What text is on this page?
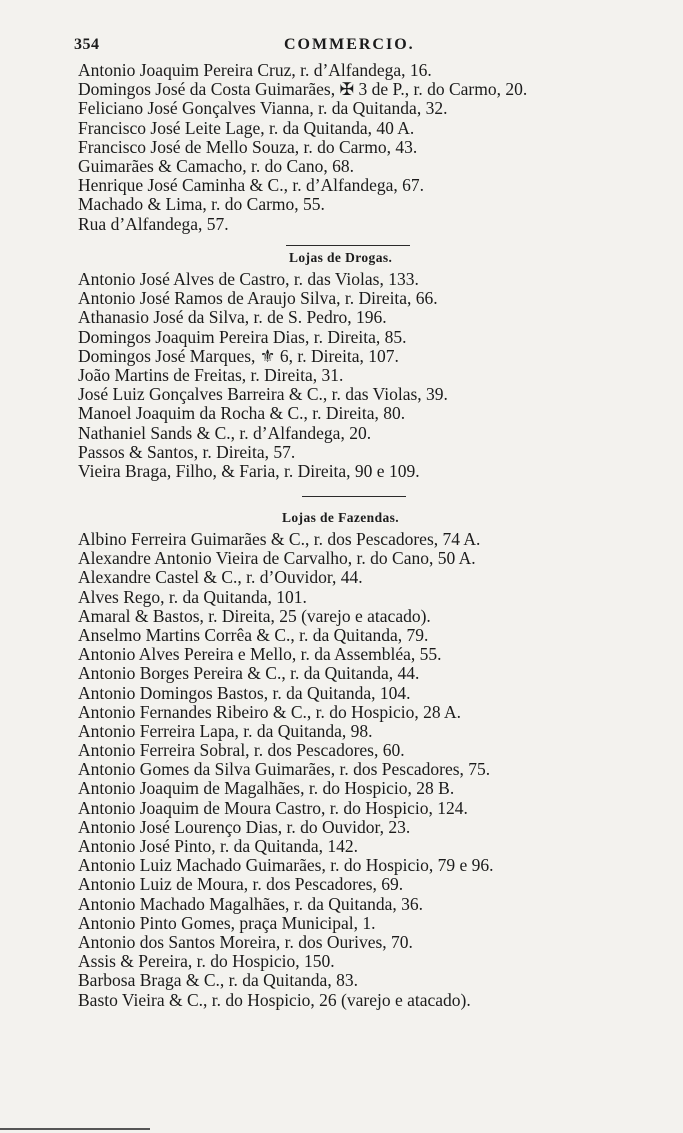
354	COMMERCIO.
Antonio Joaquim Pereira Cruz, r. d’Alfandega, 16.
Domingos José da Costa Guimarães, ✠ 3 de P., r. do Carmo, 20.
Feliciano José Gonçalves Vianna, r. da Quitanda, 32.
Francisco José Leite Lage, r. da Quitanda, 40 A.
Francisco José de Mello Souza, r. do Carmo, 43.
Guimarães & Camacho, r. do Cano, 68.
Henrique José Caminha & C., r. d’Alfandega, 67.
Machado & Lima, r. do Carmo, 55.
Rua d’Alfandega, 57.
Lojas de Drogas.
Antonio José Alves de Castro, r. das Violas, 133.
Antonio José Ramos de Araujo Silva, r. Direita, 66.
Athanasio José da Silva, r. de S. Pedro, 196.
Domingos Joaquim Pereira Dias, r. Direita, 85.
Domingos José Marques, ⚜ 6, r. Direita, 107.
João Martins de Freitas, r. Direita, 31.
José Luiz Gonçalves Barreira & C., r. das Violas, 39.
Manoel Joaquim da Rocha & C., r. Direita, 80.
Nathaniel Sands & C., r. d’Alfandega, 20.
Passos & Santos, r. Direita, 57.
Vieira Braga, Filho, & Faria, r. Direita, 90 e 109.
Lojas de Fazendas.
Albino Ferreira Guimarães & C., r. dos Pescadores, 74 A.
Alexandre Antonio Vieira de Carvalho, r. do Cano, 50 A.
Alexandre Castel & C., r. d’Ouvidor, 44.
Alves Rego, r. da Quitanda, 101.
Amaral & Bastos, r. Direita, 25 (varejo e atacado).
Anselmo Martins Corrêa & C., r. da Quitanda, 79.
Antonio Alves Pereira e Mello, r. da Assembléa, 55.
Antonio Borges Pereira & C., r. da Quitanda, 44.
Antonio Domingos Bastos, r. da Quitanda, 104.
Antonio Fernandes Ribeiro & C., r. do Hospicio, 28 A.
Antonio Ferreira Lapa, r. da Quitanda, 98.
Antonio Ferreira Sobral, r. dos Pescadores, 60.
Antonio Gomes da Silva Guimarães, r. dos Pescadores, 75.
Antonio Joaquim de Magalhães, r. do Hospicio, 28 B.
Antonio Joaquim de Moura Castro, r. do Hospicio, 124.
Antonio José Lourenço Dias, r. do Ouvidor, 23.
Antonio José Pinto, r. da Quitanda, 142.
Antonio Luiz Machado Guimarães, r. do Hospicio, 79 e 96.
Antonio Luiz de Moura, r. dos Pescadores, 69.
Antonio Machado Magalhães, r. da Quitanda, 36.
Antonio Pinto Gomes, praça Municipal, 1.
Antonio dos Santos Moreira, r. dos Ourives, 70.
Assis & Pereira, r. do Hospicio, 150.
Barbosa Braga & C., r. da Quitanda, 83.
Basto Vieira & C., r. do Hospicio, 26 (varejo e atacado).
